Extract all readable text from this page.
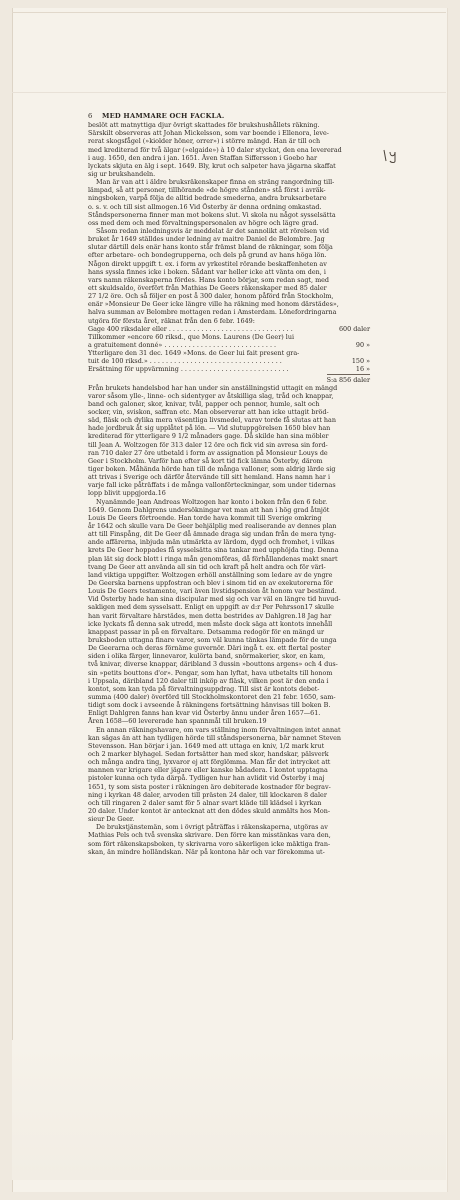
6	MED HAMMARE OCH FACKLA.
beslöt att matnyttiga djur övrigt skattades för brukshushållets räkning.
Särskilt observeras att Johan Mickelsson, som var boende i Ellenora, leve-
rerat skogsfågel (»kiolder höner, orrer») i större mängd. Han är till och
med krediterad för två älgar (»elgaide») à 10 daler styckat, den ena levererad
i aug. 1650, den andra i jan. 1651. Även Staffan Siffersson i Goebo har
lyckats skjuta en älg i sept. 1649. Bly, krut och salpeter hava jägarna skaffat
sig ur brukshandeln.
Man är van att i äldre bruksräkenskaper finna en sträng rangordning till-
lämpad, så att personer, tillhörande »de högre stånden» stå först i avräk-
ningsboken, varpå följa de alltid bedrade smederna, andra bruksarbetare
o. s. v. och till sist allmogen.16 Vid Österby är denna ordning omkastad.
Ståndspersonerna finner man mot bokens slut. Vi skola nu något sysselsätta
oss med dem och med förvaltningspersonalen av högre och lägre grad.
Såsom redan inledningsvis är meddelat är det sannolikt att rörelsen vid
bruket år 1649 ställdes under ledning av maitre Daniel de Belombre. Jag
slutar därtill dels enär hans konto står främst bland de räkningar, som följa
efter arbetare- och bondegrupperna, och dels på grund av hans höga lön.
Någon direkt uppgift t. ex. i form av yrkestitel rörande beskaffenheten av
hans syssla finnes icke i boken. Sådant var heller icke att vänta om den, i
vars namn räkenskaperna fördes. Hans konto börjar, som redan sagt, med
ett skuldsaldo, överfört från Mathias De Geers räkenskaper med 85 daler
27 1/2 öre. Och så följer en post å 300 daler, honom påförd från Stockholm,
enär »Monsieur De Geer icke längre ville ha räkning med honom därstädes»,
halva summan av Belombre mottagen redan i Amsterdam. Lönefordringarna
utgöra för första året, räknat från den 6 febr. 1649:
Gage 400 riksdaler eller . . . . . . . . . . . . . . . . . . . . . . . . . . . . . . .	600 daler
Tillkommer »encore 60 riksd., que Mons. Laurens (De Geer) lui
a gratuitement donné» . . . . . . . . . . . . . . . . . . . . . . . . . . . .	90 »
Ytterligare den 31 dec. 1649 »Mons. de Geer lui fait present gra-
tuit de 100 riksd.» . . . . . . . . . . . . . . . . . . . . . . . . . . . . . . . . .	150 »
Ersättning för uppvärmning . . . . . . . . . . . . . . . . . . . . . . . . . . .	16 »
S:a 856 daler
Från brukets handelsbod har han under sin anställningstid uttagit en mängd
varor såsom ylle-, linne- och sidentyger av åtskilliga slag, tråd och knappar,
band och galoner, skor, knivar, tvål, papper och pennor, humle, salt och
socker, vin, sviskon, saffran etc. Man observerar att han icke uttagit bröd-
säd, fläsk och dylika mera väsentliga livsmedel, varav torde få slutas att han
hade jordbruk åt sig upplåtet på lön. — Vid slutuppgörelsen 1650 blev han
krediterad för ytterligare 9 1/2 månaders gage. Då skilde han sina möbler
till Jean A. Woltzogen för 313 daler 12 öre och fick vid sin avresa sin ford-
ran 710 daler 27 öre utbetald i form av assignation på Monsieur Louys de
Geer i Stockholm. Varför han efter så kort tid fick lämna Österby, därom
tiger boken. Måhända hörde han till de många valloner, som aldrig lärde sig
att trivas i Sverige och därför återvände till sitt hemland. Hans namn har i
varje fall icke påträffats i de många vallonförteckningar, som under tidernas
lopp blivit uppgjorda.16
Nyanämnde Jean Andreas Woltzogen har konto i boken från den 6 febr.
1649. Genom Dahlgrens undersökningar vet man att han i hög grad åtnjöt
Louis De Geers förtroende. Han torde hava kommit till Sverige omkring
år 1642 och skulle vara De Geer behjälplig med realiserande av dennes plan
att till Finspång, dit De Geer då ämnade draga sig undan från de mera tyng-
ande affärerna, inbjuda män utmärkta av lärdom, dygd och fromhet, i vilkas
krets De Geer hoppades få sysselsätta sina tankar med upphöjda ting. Denna
plan lät sig dock blott i ringa mån genomföras, då förhållandenas makt snart
tvang De Geer att använda all sin tid och kraft på helt andra och för värl-
land viktiga uppgifter. Woltzogen erhöll anställning som ledare av de yngre
De Geerska barnens uppfostran och blev i sinom tid en av exekutorerna för
Louis De Geers testamente, vari även livstidspension åt honom var bestämd.
Vid Österby hade han sina discipular med sig och var väl en längre tid huvud-
sakligen med dem sysselsatt. Enligt en uppgift av d:r Per Pehrsson17 skulle
han varit förvaltare härstädes, men detta bestrides av Dahlgren.18 Jag har
icke lyckats få denna sak utredd, men måste dock säga att kontots innehåll
knappast passar in på en förvaltare. Detsamma redogör för en mängd ur
bruksboden uttagna finare varor, som väl kunna tänkas lämpade för de unga
De Geerarna och deras förnäme guvernör. Däri ingå t. ex. ett flertal poster
siden i olika färger, linnevaror, kulörta band, snörmakerier, skor, en kam,
två knivar, diverse knappar, däribland 3 dussin »bouttons argens» och 4 dus-
sin »petits bouttons d'or». Pengar, som han lyftat, hava utbetalts till honom
i Uppsala, däribland 120 daler till inköp av fläsk, vilken post är den enda i
kontot, som kan tyda på förvaltningsuppdrag. Till sist är kontots debet-
summa (400 daler) överförd till Stockholmskontoret den 21 febr. 1650, sam-
tidigt som dock i avseende å räkningens fortsättning hänvisas till boken B.
Enligt Dahlgren fanns han kvar vid Österby ännu under åren 1657—61.
Åren 1658—60 levererade han spannmål till bruken.19
En annan räkningshavare, om vars ställning inom förvaltningen intet annat
kan sägas än att han tydligen hörde till ståndspersonerna, bär namnet Steven
Stevensson. Han börjar i jan. 1649 med att uttaga en kniv, 1/2 mark krut
och 2 marker blyhagel. Sedan fortsätter han med skor, handskar, pälsverk
och många andra ting, lyxvaror ej att förglömma. Man får det intrycket att
mannen var krigare eller jägare eller kanske bådadera. I kontot upptagna
pistoler kunna och tyda därpå. Tydligen hur han avlidit vid Österby i maj
1651, ty som sista poster i räkningen äro debiterade kostnader för begrav-
ning i kyrkan 48 daler, arvoden till prästen 24 daler, till klockaren 8 daler
och till ringaren 2 daler samt för 5 alnar svart kläde till klädsel i kyrkan
20 daler. Under kontot är antecknat att den dödes skuld anmälts hos Mon-
sieur De Geer.
De brukstjänstemän, som i övrigt påträffas i räkenskaperna, utgöras av
Mathias Pels och två svenska skrivare. Den förre kan misstänkas vara den,
som fört räkenskapsboken, ty skrivarna voro säkerligen icke mäktiga fran-
skan, än mindre holländskan. När på kontona här och var förekomma ut-
